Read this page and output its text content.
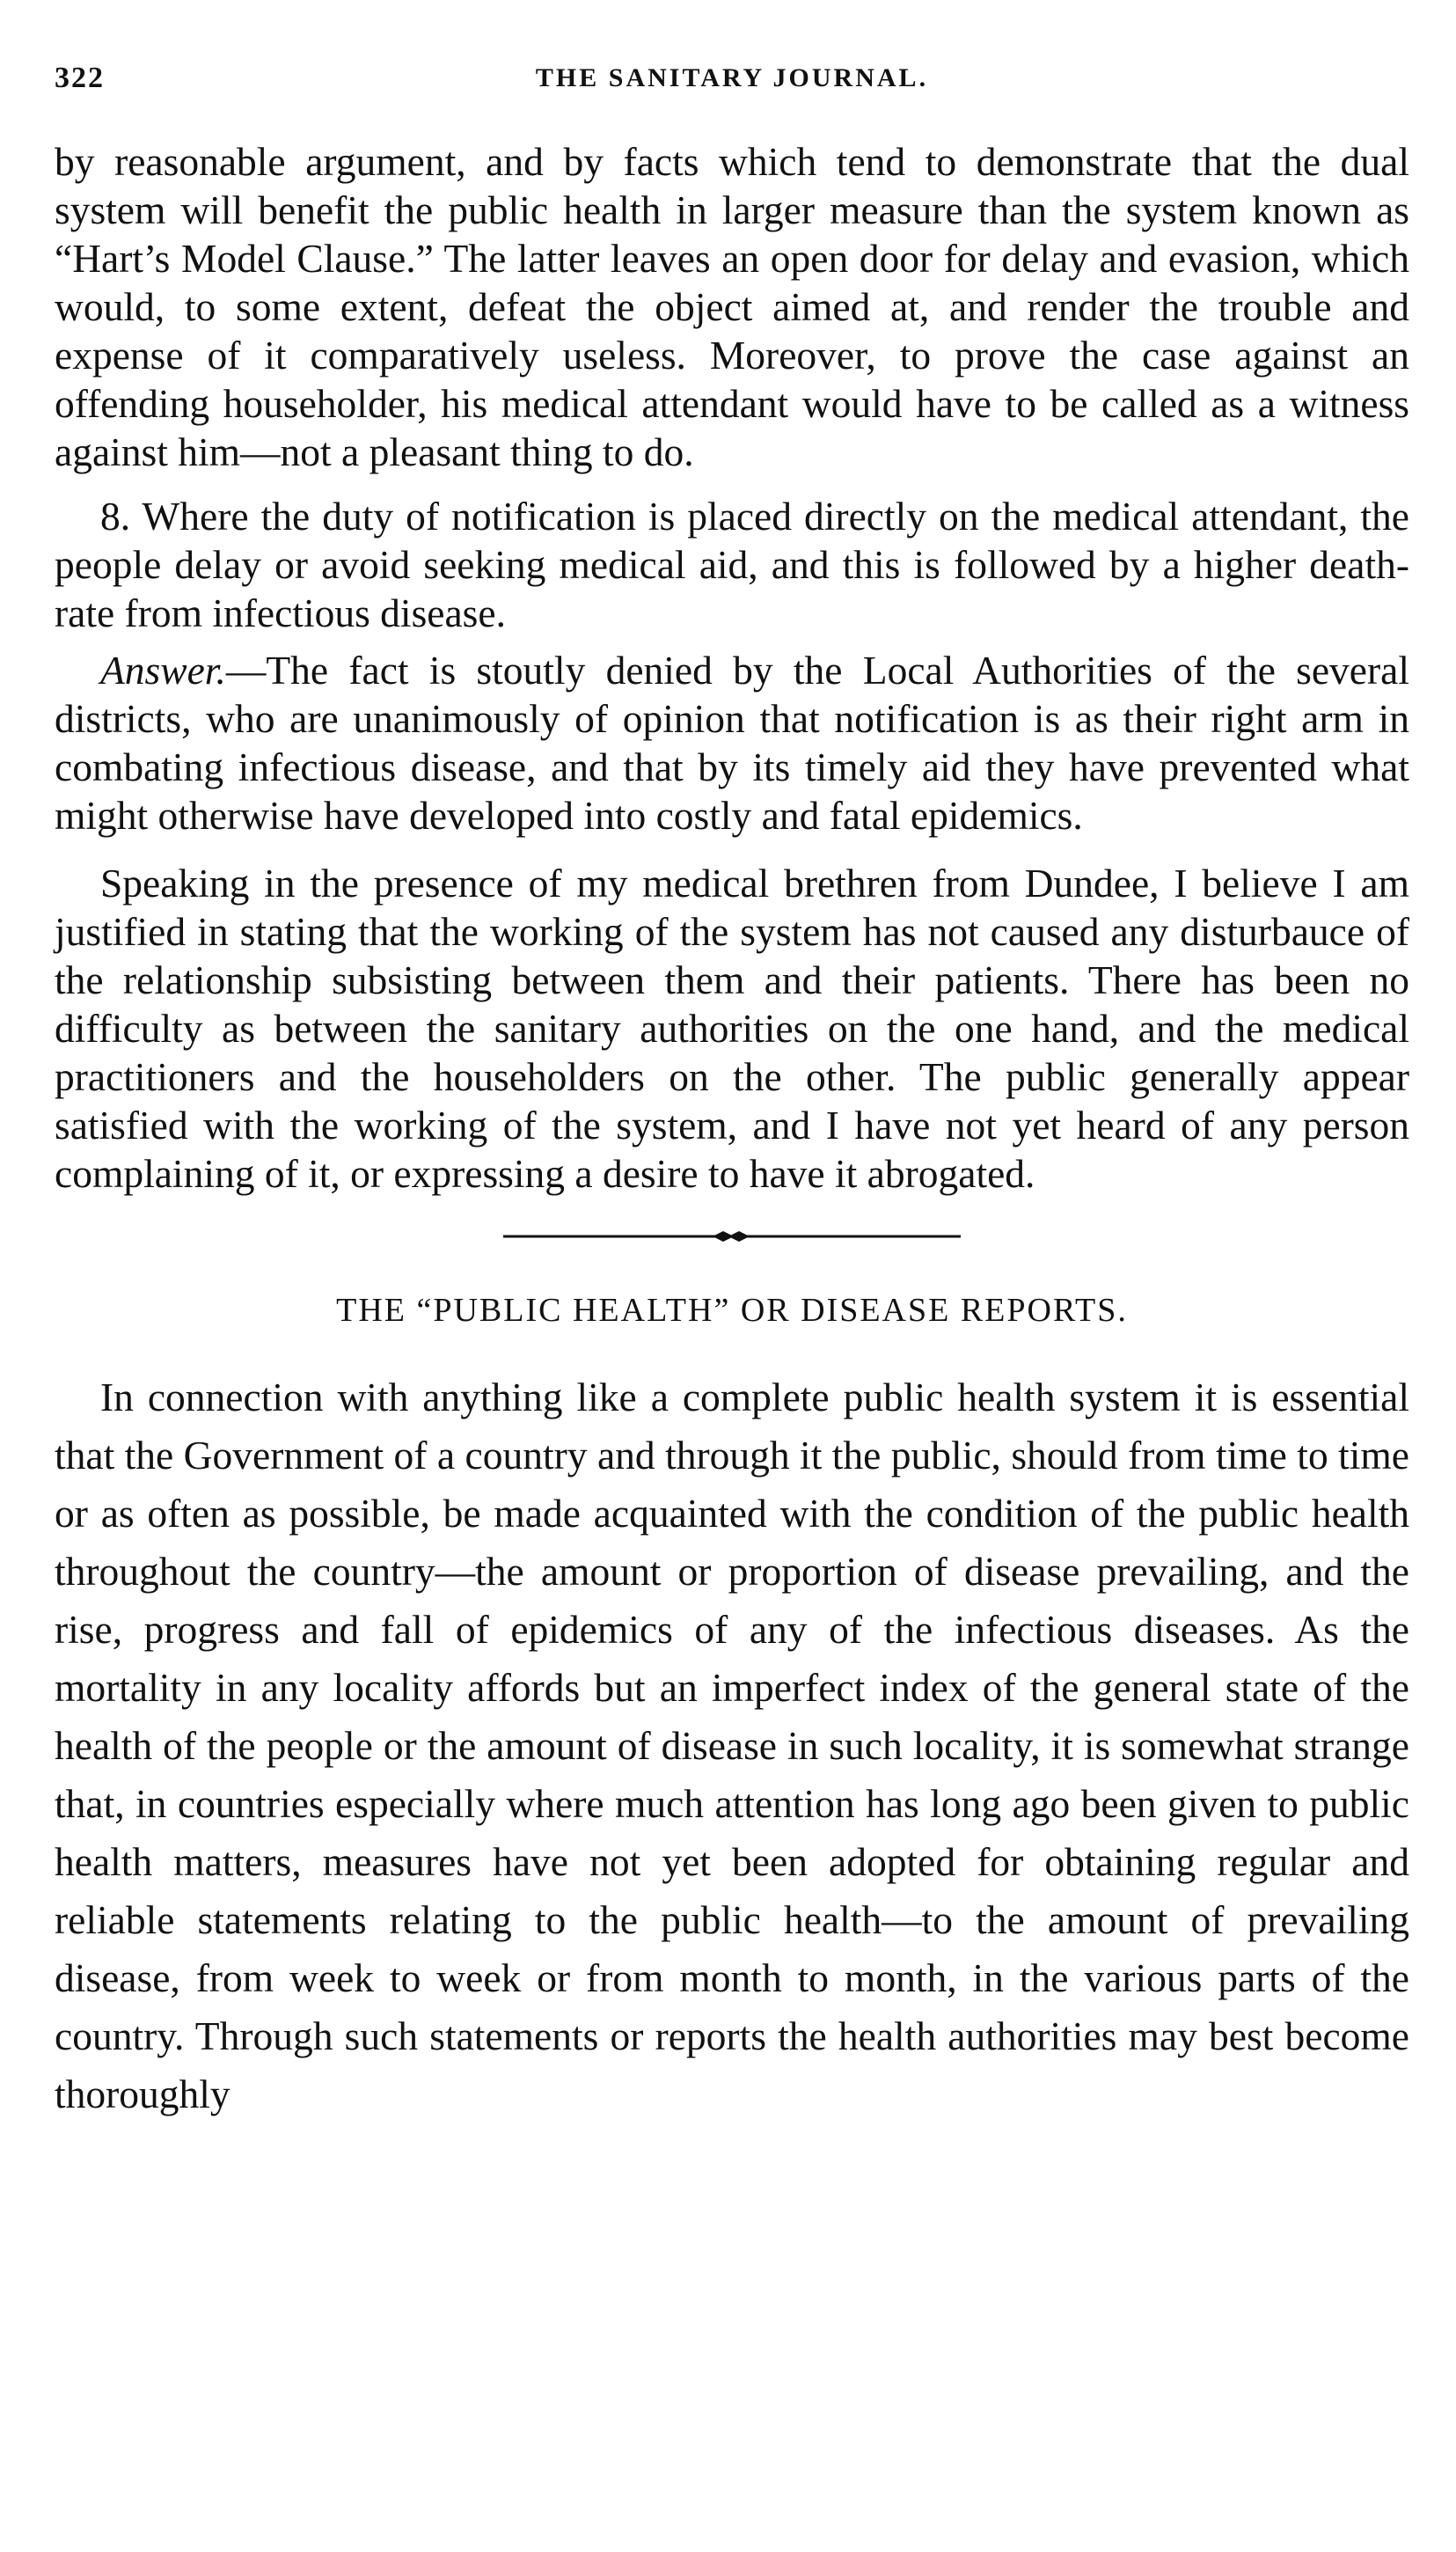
322	THE SANITARY JOURNAL.

by reasonable argument, and by facts which tend to demonstrate that the dual system will benefit the public health in larger measure than the system known as “Hart’s Model Clause.” The latter leaves an open door for delay and evasion, which would, to some extent, defeat the object aimed at, and render the trouble and expense of it comparatively useless. Moreover, to prove the case against an offending householder, his medical attendant would have to be called as a witness against him—not a pleasant thing to do.

8. Where the duty of notification is placed directly on the medical attendant, the people delay or avoid seeking medical aid, and this is followed by a higher death-rate from infectious disease.

Answer.—The fact is stoutly denied by the Local Authorities of the several districts, who are unanimously of opinion that notification is as their right arm in combating infectious disease, and that by its timely aid they have prevented what might otherwise have developed into costly and fatal epidemics.

Speaking in the presence of my medical brethren from Dundee, I believe I am justified in stating that the working of the system has not caused any disturbauce of the relationship subsisting between them and their patients. There has been no difficulty as between the sanitary authorities on the one hand, and the medical practitioners and the householders on the other. The public generally appear satisfied with the working of the system, and I have not yet heard of any person complaining of it, or expressing a desire to have it abrogated.

THE “PUBLIC HEALTH” OR DISEASE REPORTS.

In connection with anything like a complete public health system it is essential that the Government of a country and through it the public, should from time to time or as often as possible, be made acquainted with the condition of the public health throughout the country—the amount or proportion of disease prevailing, and the rise, progress and fall of epidemics of any of the infectious diseases. As the mortality in any locality affords but an imperfect index of the general state of the health of the people or the amount of disease in such locality, it is somewhat strange that, in countries especially where much attention has long ago been given to public health matters, measures have not yet been adopted for obtaining regular and reliable statements relating to the public health—to the amount of prevailing disease, from week to week or from month to month, in the various parts of the country. Through such statements or reports the health authorities may best become thoroughly
